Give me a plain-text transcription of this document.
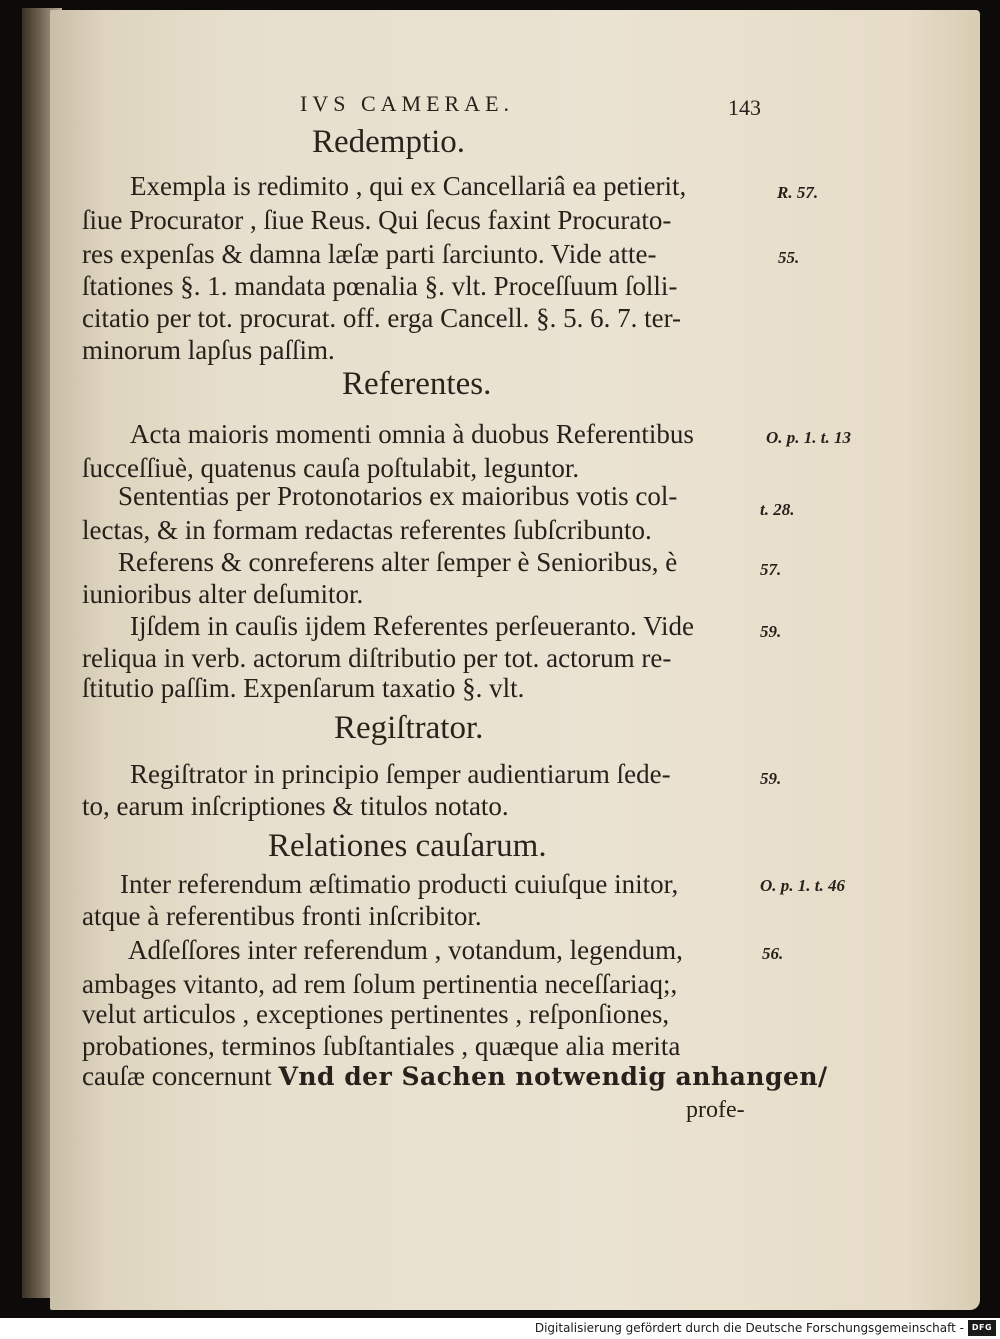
IVS CAMERAE.	143
Redemptio.
Exempla is redimito , qui ex Cancellariâ ea petierit,
ſiue Procurator , ſiue Reus. Qui ſecus faxint Procurato-
res expenſas & damna læſæ parti ſarciunto. Vide atte-
ſtationes §. 1. mandata pœnalia §. vlt. Proceſſuum ſolli-
citatio per tot. procurat. off. erga Cancell. §. 5. 6. 7. ter-
minorum lapſus paſſim.
R. 57.
55.
Referentes.
Acta maioris momenti omnia à duobus Referentibus
ſucceſſiuè, quatenus cauſa poſtulabit, leguntor.
Sententias per Protonotarios ex maioribus votis col-
lectas, & in formam redactas referentes ſubſcribunto.
Referens & conreferens alter ſemper è Senioribus, è
iunioribus alter deſumitor.
Ijſdem in cauſis ijdem Referentes perſeueranto. Vide
reliqua in verb. actorum diſtributio per tot. actorum re-
ſtitutio paſſim. Expenſarum taxatio §. vlt.
O. p. 1. t. 13
t. 28.
57.
59.
Regiſtrator.
Regiſtrator in principio ſemper audientiarum ſede-
to, earum inſcriptiones & titulos notato.
59.
Relationes cauſarum.
Inter referendum æſtimatio producti cuiuſque initor,
atque à referentibus fronti inſcribitor.
Adſeſſores inter referendum , votandum, legendum,
ambages vitanto, ad rem ſolum pertinentia neceſſariaq;,
velut articulos , exceptiones pertinentes , reſponſiones,
probationes, terminos ſubſtantiales , quæque alia merita
cauſæ concernunt Vnd der Sachen notwendig anhangen/
O. p. 1. t. 46
56.
profe-
Digitalisierung gefördert durch die Deutsche Forschungsgemeinschaft - DFG
